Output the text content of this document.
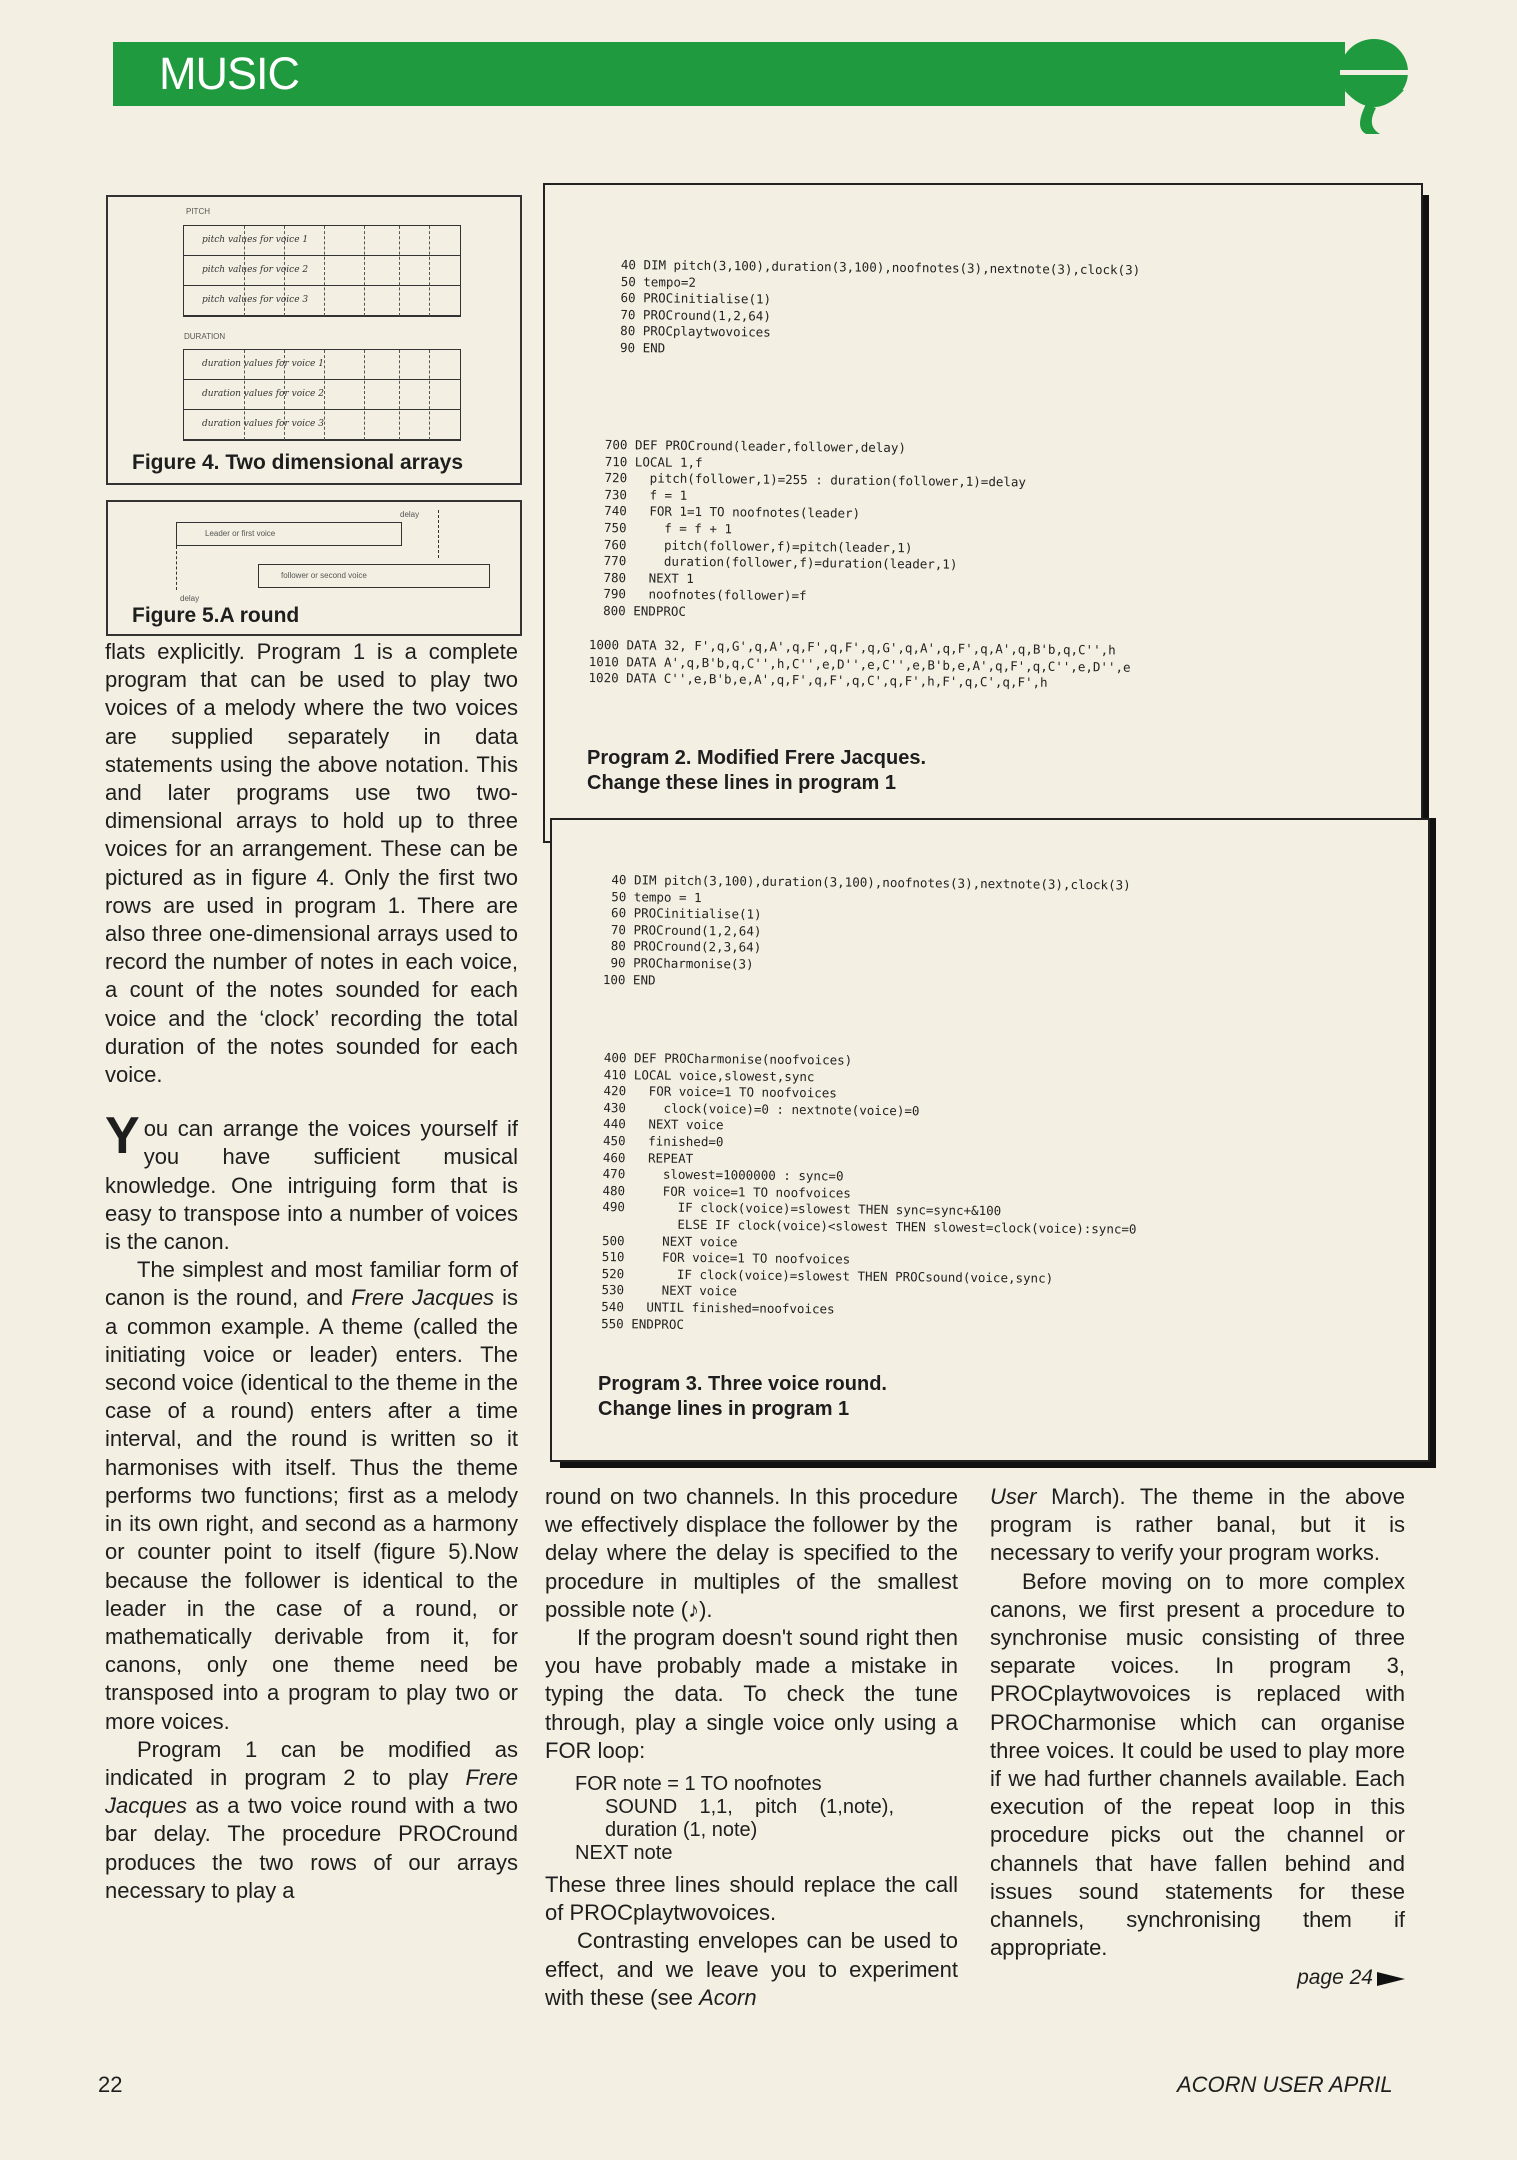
MUSIC
PITCH
pitch values for voice 1
pitch values for voice 2
pitch values for voice 3
DURATION
duration values for voice 1
duration values for voice 2
duration values for voice 3
Figure 4. Two dimensional arrays
delay
Leader or first voice
follower or second voice
delay
Figure 5.A round
40 DIM pitch(3,100),duration(3,100),noofnotes(3),nextnote(3),clock(3)
50 tempo=2
60 PROCinitialise(1)
70 PROCround(1,2,64)
80 PROCplaytwovoices
90 END
700 DEF PROCround(leader,follower,delay)
710 LOCAL 1,f
720   pitch(follower,1)=255 : duration(follower,1)=delay
730   f = 1
740   FOR 1=1 TO noofnotes(leader)
750     f = f + 1
760     pitch(follower,f)=pitch(leader,1)
770     duration(follower,f)=duration(leader,1)
780   NEXT 1
790   noofnotes(follower)=f
800 ENDPROC
1000 DATA 32, F',q,G',q,A',q,F',q,F',q,G',q,A',q,F',q,A',q,B'b,q,C'',h
1010 DATA A',q,B'b,q,C'',h,C'',e,D'',e,C'',e,B'b,e,A',q,F',q,C'',e,D'',e
1020 DATA C'',e,B'b,e,A',q,F',q,F',q,C',q,F',h,F',q,C',q,F',h
Program 2. Modified Frere Jacques.
Change these lines in program 1
40 DIM pitch(3,100),duration(3,100),noofnotes(3),nextnote(3),clock(3)
50 tempo = 1
60 PROCinitialise(1)
70 PROCround(1,2,64)
80 PROCround(2,3,64)
90 PROCharmonise(3)
100 END
400 DEF PROCharmonise(noofvoices)
410 LOCAL voice,slowest,sync
420   FOR voice=1 TO noofvoices
430     clock(voice)=0 : nextnote(voice)=0
440   NEXT voice
450   finished=0
460   REPEAT
470     slowest=1000000 : sync=0
480     FOR voice=1 TO noofvoices
490       IF clock(voice)=slowest THEN sync=sync+&100
ELSE IF clock(voice)<slowest THEN slowest=clock(voice):sync=0
500     NEXT voice
510     FOR voice=1 TO noofvoices
520       IF clock(voice)=slowest THEN PROCsound(voice,sync)
530     NEXT voice
540   UNTIL finished=noofvoices
550 ENDPROC
Program 3. Three voice round.
Change lines in program 1

flats explicitly. Program 1 is a complete program that can be used to play two voices of a melody where the two voices are supplied separately in data statements using the above notation. This and later programs use two two-dimensional arrays to hold up to three voices for an arrangement. These can be pictured as in figure 4. Only the first two rows are used in program 1. There are also three one-dimensional arrays used to record the number of notes in each voice, a count of the notes sounded for each voice and the ‘clock’ recording the total duration of the notes sounded for each voice.

You can arrange the voices yourself if you have sufficient musical knowledge. One intriguing form that is easy to transpose into a number of voices is the canon.

The simplest and most familiar form of canon is the round, and Frere Jacques is a common example. A theme (called the initiating voice or leader) enters. The second voice (identical to the theme in the case of a round) enters after a time interval, and the round is written so it harmonises with itself. Thus the theme performs two functions; first as a melody in its own right, and second as a harmony or counter point to itself (figure 5).Now because the follower is identical to the leader in the case of a round, or mathematically derivable from it, for canons, only one theme need be transposed into a program to play two or more voices.

Program 1 can be modified as indicated in program 2 to play Frere Jacques as a two voice round with a two bar delay. The procedure PROCround produces the two rows of our arrays necessary to play a

round on two channels. In this procedure we effectively displace the follower by the delay where the delay is specified to the procedure in multiples of the smallest possible note (♪).

If the program doesn't sound right then you have probably made a mistake in typing the data. To check the tune through, play a single voice only using a FOR loop:

FOR note = 1 TO noofnotes
SOUND    1,1,    pitch    (1,note),
duration (1, note)
NEXT note

These three lines should replace the call of PROCplaytwovoices.

Contrasting envelopes can be used to effect, and we leave you to experiment with these (see Acorn

User March). The theme in the above program is rather banal, but it is necessary to verify your program works.

Before moving on to more complex canons, we first present a procedure to synchronise music consisting of three separate voices. In program 3, PROCplaytwovoices is replaced with PROCharmonise which can organise three voices. It could be used to play more if we had further channels available. Each execution of the repeat loop in this procedure picks out the channel or channels that have fallen behind and issues sound statements for these channels, synchronising them if appropriate.

page 24
22	ACORN USER APRIL
